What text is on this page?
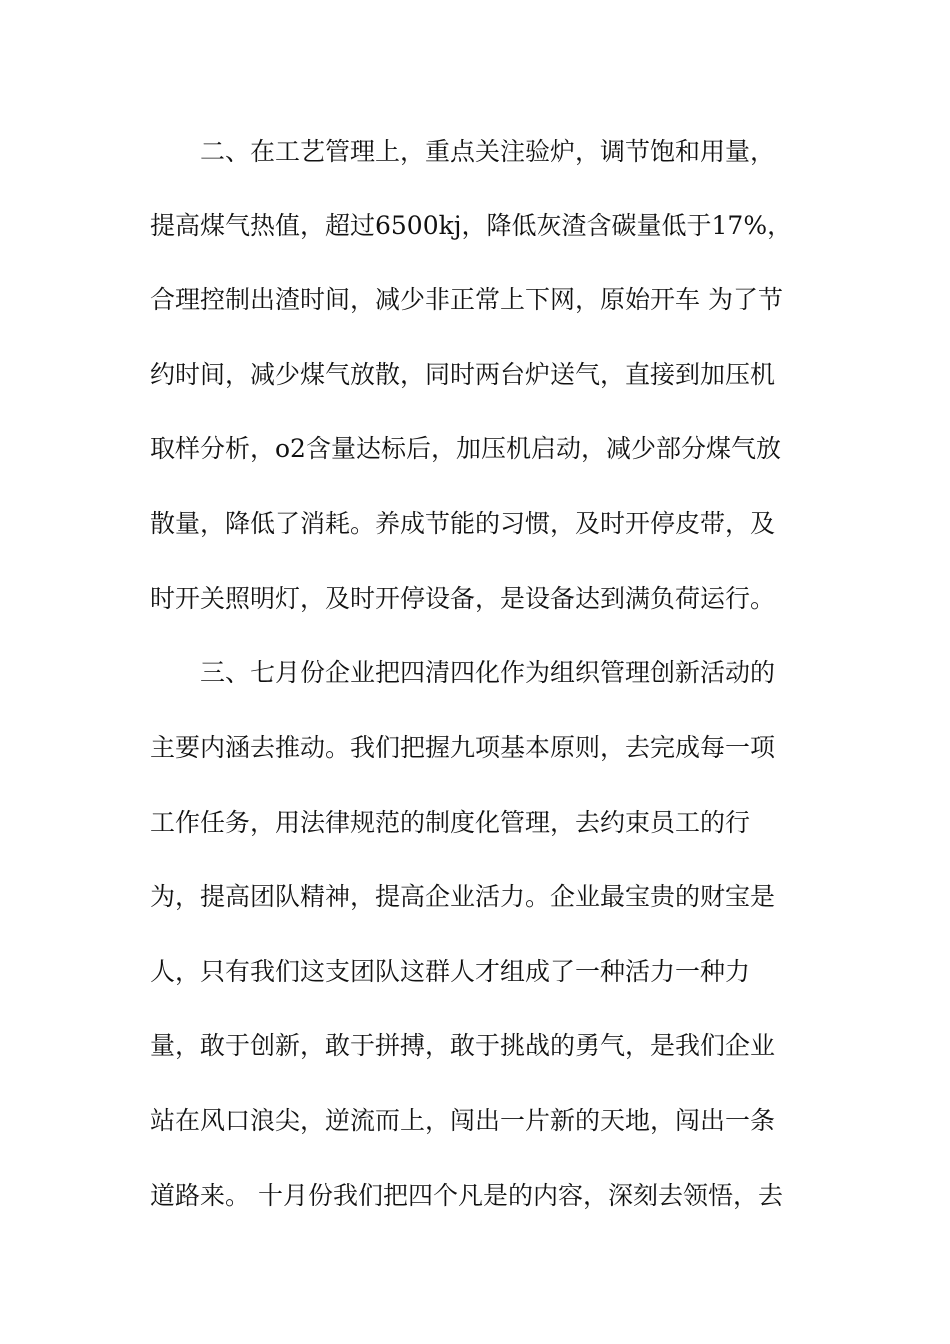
　　二、在工艺管理上，重点关注验炉，调节饱和用量，
提高煤气热值，超过6500kj，降低灰渣含碳量低于17%，
合理控制出渣时间，减少非正常上下网，原始开车 为了节
约时间，减少煤气放散，同时两台炉送气，直接到加压机
取样分析，o2含量达标后，加压机启动，减少部分煤气放
散量，降低了消耗。养成节能的习惯，及时开停皮带，及
时开关照明灯，及时开停设备，是设备达到满负荷运行。
　　三、七月份企业把四清四化作为组织管理创新活动的
主要内涵去推动。我们把握九项基本原则，去完成每一项
工作任务，用法律规范的制度化管理，去约束员工的行
为，提高团队精神，提高企业活力。企业最宝贵的财宝是
人，只有我们这支团队这群人才组成了一种活力一种力
量，敢于创新，敢于拼搏，敢于挑战的勇气，是我们企业
站在风口浪尖，逆流而上，闯出一片新的天地，闯出一条
道路来。 十月份我们把四个凡是的内容，深刻去领悟，去
